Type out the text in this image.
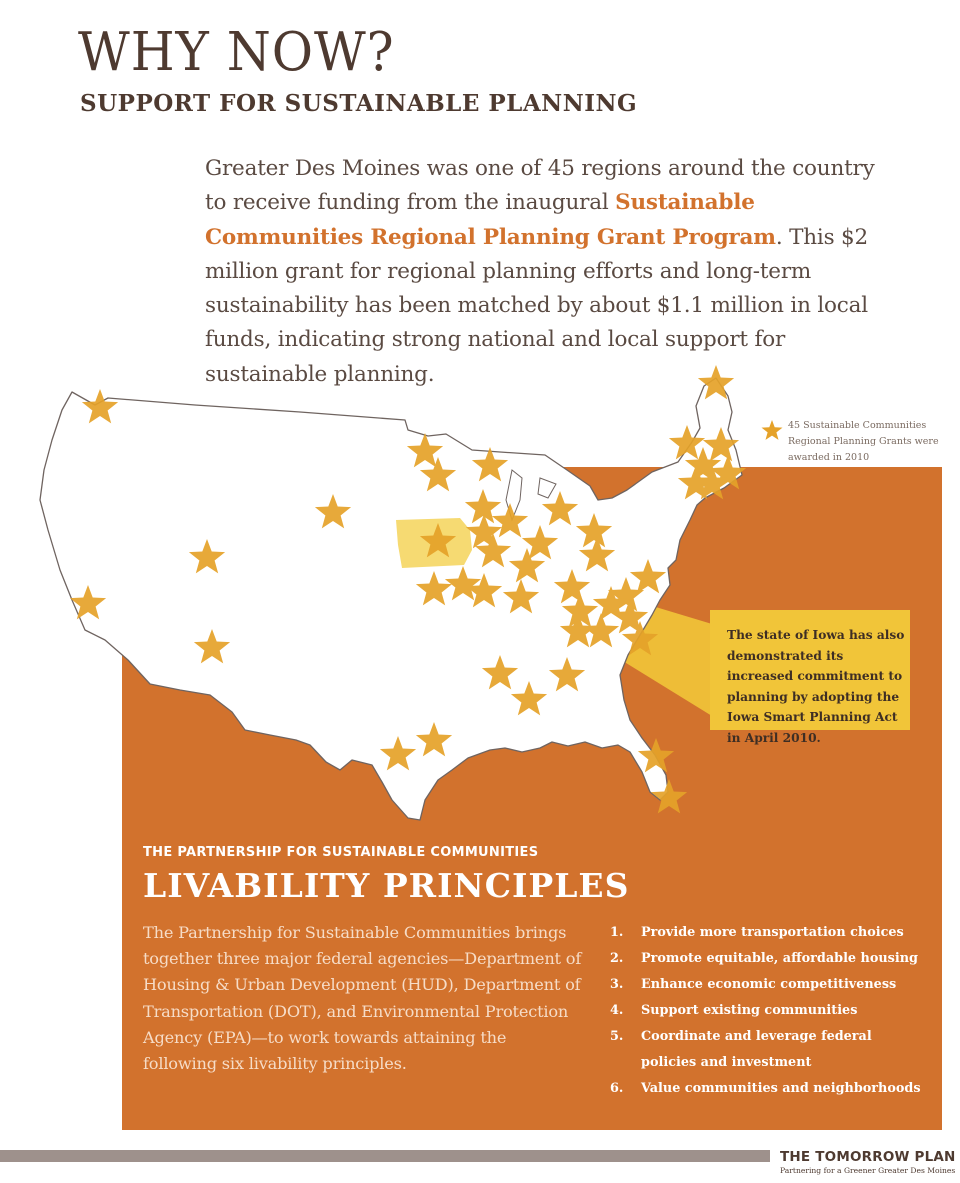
WHY NOW?
SUPPORT FOR SUSTAINABLE PLANNING

Greater Des Moines was one of 45 regions around the country to receive funding from the inaugural Sustainable Communities Regional Planning Grant Program. This $2 million grant for regional planning efforts and long-term sustainability has been matched by about $1.1 million in local funds, indicating strong national and local support for sustainable planning.

45 Sustainable Communities Regional Planning Grants were awarded in 2010
The state of Iowa has also demonstrated its increased commitment to planning by adopting the Iowa Smart Planning Act in April 2010.
THE PARTNERSHIP FOR SUSTAINABLE COMMUNITIES
LIVABILITY PRINCIPLES

The Partnership for Sustainable Communities brings together three major federal agencies—Department of Housing & Urban Development (HUD), Department of Transportation (DOT), and Environmental Protection Agency (EPA)—to work towards attaining the following six livability principles.

1. Provide more transportation choices
2. Promote equitable, affordable housing
3. Enhance economic competitiveness
4. Support existing communities
5. Coordinate and leverage federal policies and investment
6. Value communities and neighborhoods
THE TOMORROW PLAN
Partnering for a Greener Greater Des Moines
